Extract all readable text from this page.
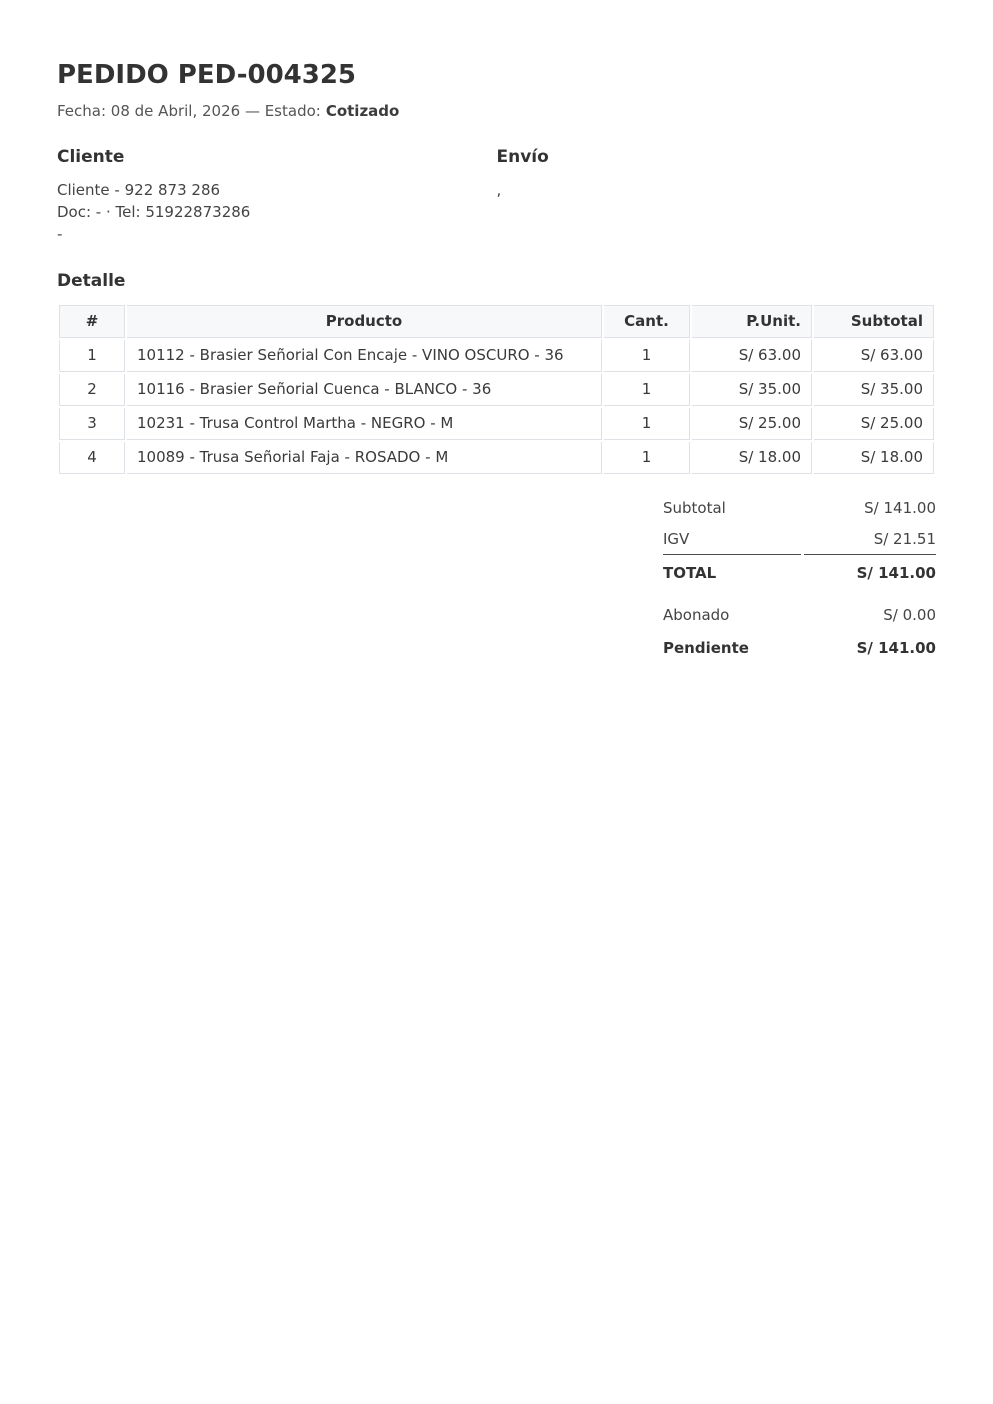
PEDIDO PED-004325

Fecha: 08 de Abril, 2026 — Estado: Cotizado

Cliente
Cliente - 922 873 286
Doc: - · Tel: 51922873286
-
Envío
,
Detalle
#	Producto	Cant.	P.Unit.	Subtotal
1	10112 - Brasier Señorial Con Encaje - VINO OSCURO - 36	1	S/ 63.00	S/ 63.00
2	10116 - Brasier Señorial Cuenca - BLANCO - 36	1	S/ 35.00	S/ 35.00
3	10231 - Trusa Control Martha - NEGRO - M	1	S/ 25.00	S/ 25.00
4	10089 - Trusa Señorial Faja - ROSADO - M	1	S/ 18.00	S/ 18.00
Subtotal	S/ 141.00
IGV	S/ 21.51
TOTAL	S/ 141.00
Abonado	S/ 0.00
Pendiente	S/ 141.00
